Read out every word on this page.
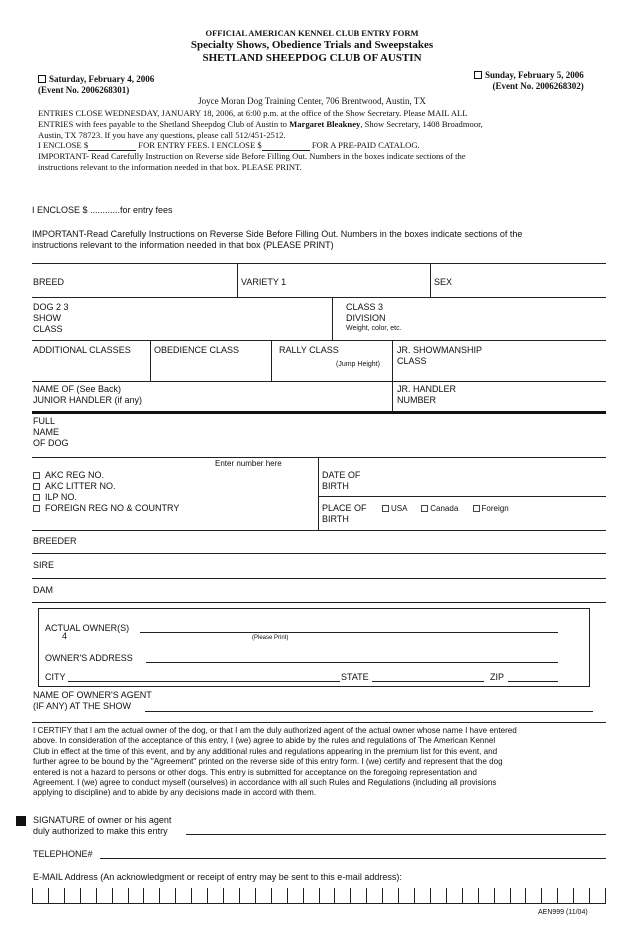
OFFICIAL AMERICAN KENNEL CLUB ENTRY FORM
Specialty Shows, Obedience Trials and Sweepstakes
SHETLAND SHEEPDOG CLUB OF AUSTIN
Saturday, February 4, 2006
(Event No. 2006268301)
Sunday, February 5, 2006
(Event No. 2006268302)
Joyce Moran Dog Training Center, 706 Brentwood, Austin, TX
ENTRIES CLOSE WEDNESDAY, JANUARY 18, 2006, at 6:00 p.m. at the office of the Show Secretary. Please MAIL ALL
ENTRIES with fees payable to the Shetland Sheepdog Club of Austin to Margaret Bleakney, Show Secretary, 1408 Broadmoor,
Austin, TX 78723. If you have any questions, please call 512/451-2512.
I ENCLOSE $	FOR ENTRY FEES. I ENCLOSE $	FOR A PRE-PAID CATALOG.
IMPORTANT- Read Carefully Instruction on Reverse side Before Filling Out. Numbers in the boxes indicate sections of the
instructions relevant to the information needed in that box. PLEASE PRINT.
I ENCLOSE $ ............for entry fees
IMPORTANT-Read Carefully Instructions on Reverse Side Before Filling Out. Numbers in the boxes indicate sections of the
instructions relevant to the information needed in that box (PLEASE PRINT)
BREED	VARIETY 1	SEX
DOG 2 3
SHOW
CLASS
CLASS 3
DIVISION
Weight, color, etc.
ADDITIONAL CLASSES	OBEDIENCE CLASS	RALLY CLASS
(Jump Height)
JR. SHOWMANSHIP
CLASS
NAME OF (See Back)
JUNIOR HANDLER (if any)
JR. HANDLER
NUMBER
FULL
NAME
OF DOG
Enter number here
AKC REG NO.
AKC LITTER NO.
ILP NO.
FOREIGN REG NO & COUNTRY
DATE OF
BIRTH
PLACE OF
BIRTH
USA	Canada	Foreign
BREEDER
SIRE
DAM
ACTUAL OWNER(S)
4	(Please Print)
OWNER'S ADDRESS
CITY	STATE	ZIP
NAME OF OWNER'S AGENT
(IF ANY) AT THE SHOW
I CERTIFY that I am the actual owner of the dog, or that I am the duly authorized agent of the actual owner whose name I have entered
above. In consideration of the acceptance of this entry, I (we) agree to abide by the rules and regulations of The American Kennel
Club in effect at the time of this event, and by any additional rules and regulations appearing in the premium list for this event, and
further agree to be bound by the "Agreement" printed on the reverse side of this entry form. I (we) certify and represent that the dog
entered is not a hazard to persons or other dogs. This entry is submitted for acceptance on the foregoing representation and
Agreement. I (we) agree to conduct myself (ourselves) in accordance with all such Rules and Regulations (including all provisions
applying to discipline) and to abide by any decisions made in accord with them.
SIGNATURE of owner or his agent
duly authorized to make this entry
TELEPHONE#
E-MAIL Address (An acknowledgment or receipt of entry may be sent to this e-mail address):
AEN999 (11/04)
